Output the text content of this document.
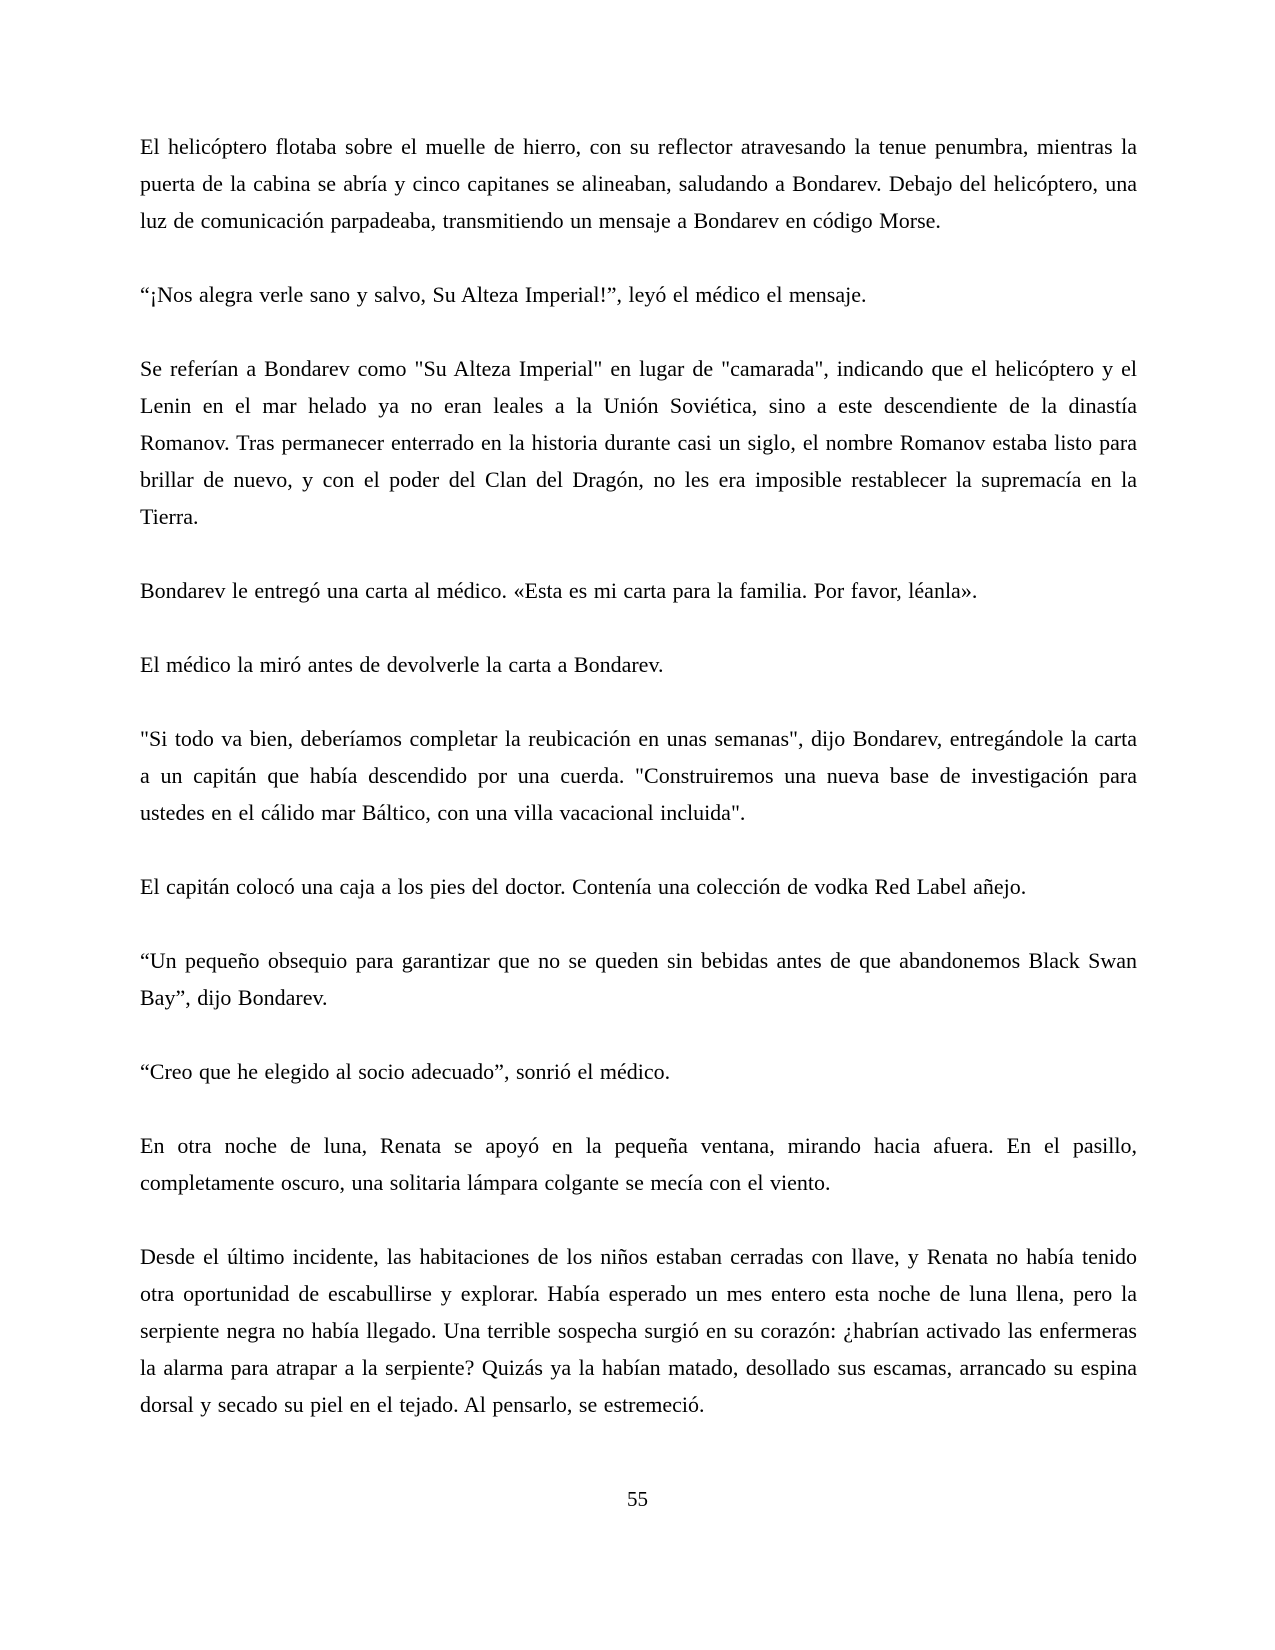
El helicóptero flotaba sobre el muelle de hierro, con su reflector atravesando la tenue penumbra, mientras la puerta de la cabina se abría y cinco capitanes se alineaban, saludando a Bondarev. Debajo del helicóptero, una luz de comunicación parpadeaba, transmitiendo un mensaje a Bondarev en código Morse.

“¡Nos alegra verle sano y salvo, Su Alteza Imperial!”, leyó el médico el mensaje.

Se referían a Bondarev como "Su Alteza Imperial" en lugar de "camarada", indicando que el helicóptero y el Lenin en el mar helado ya no eran leales a la Unión Soviética, sino a este descendiente de la dinastía Romanov. Tras permanecer enterrado en la historia durante casi un siglo, el nombre Romanov estaba listo para brillar de nuevo, y con el poder del Clan del Dragón, no les era imposible restablecer la supremacía en la Tierra.

Bondarev le entregó una carta al médico. «Esta es mi carta para la familia. Por favor, léanla».

El médico la miró antes de devolverle la carta a Bondarev.

"Si todo va bien, deberíamos completar la reubicación en unas semanas", dijo Bondarev, entregándole la carta a un capitán que había descendido por una cuerda. "Construiremos una nueva base de investigación para ustedes en el cálido mar Báltico, con una villa vacacional incluida".

El capitán colocó una caja a los pies del doctor. Contenía una colección de vodka Red Label añejo.

“Un pequeño obsequio para garantizar que no se queden sin bebidas antes de que abandonemos Black Swan Bay”, dijo Bondarev.

“Creo que he elegido al socio adecuado”, sonrió el médico.

En otra noche de luna, Renata se apoyó en la pequeña ventana, mirando hacia afuera. En el pasillo, completamente oscuro, una solitaria lámpara colgante se mecía con el viento.

Desde el último incidente, las habitaciones de los niños estaban cerradas con llave, y Renata no había tenido otra oportunidad de escabullirse y explorar. Había esperado un mes entero esta noche de luna llena, pero la serpiente negra no había llegado. Una terrible sospecha surgió en su corazón: ¿habrían activado las enfermeras la alarma para atrapar a la serpiente? Quizás ya la habían matado, desollado sus escamas, arrancado su espina dorsal y secado su piel en el tejado. Al pensarlo, se estremeció.

55
